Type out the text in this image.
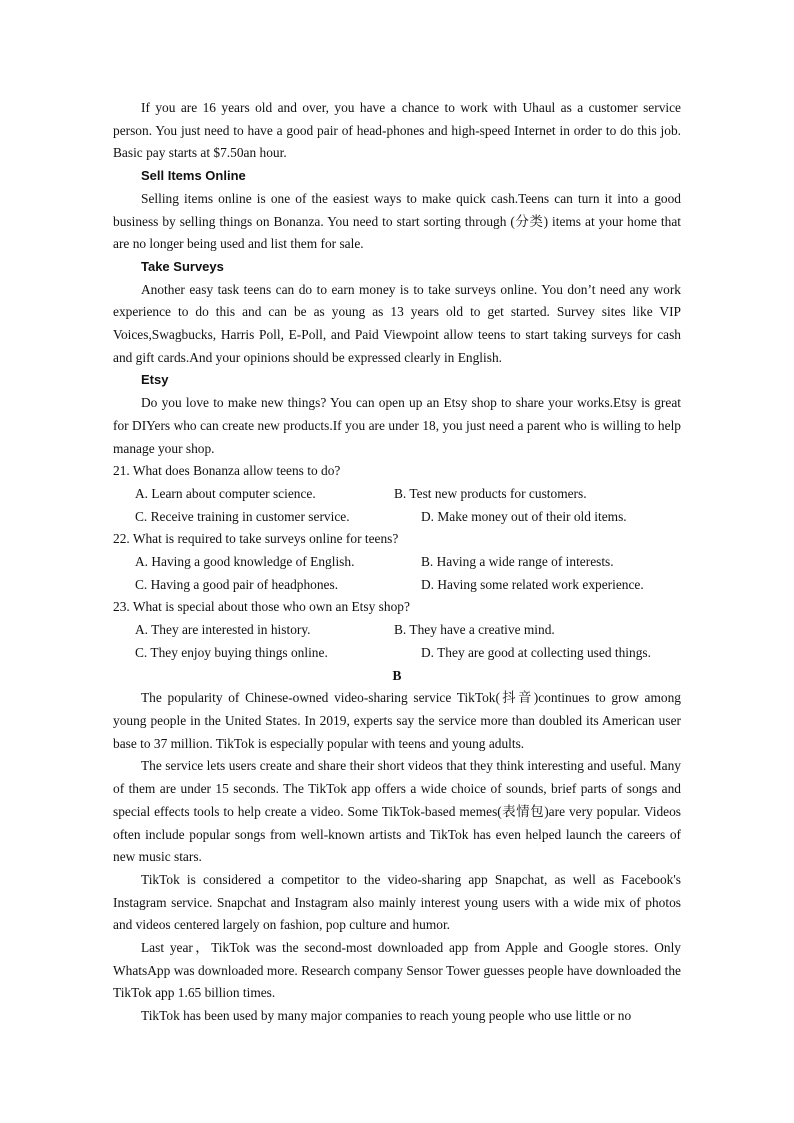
If you are 16 years old and over, you have a chance to work with Uhaul as a customer service person. You just need to have a good pair of head-phones and high-speed Internet in order to do this job. Basic pay starts at $7.50an hour.

Sell Items Online

Selling items online is one of the easiest ways to make quick cash.Teens can turn it into a good business by selling things on Bonanza. You need to start sorting through (分类) items at your home that are no longer being used and list them for sale.

Take Surveys

Another easy task teens can do to earn money is to take surveys online. You don’t need any work experience to do this and can be as young as 13 years old to get started. Survey sites like VIP Voices,Swagbucks, Harris Poll, E-Poll, and Paid Viewpoint allow teens to start taking surveys for cash and gift cards.And your opinions should be expressed clearly in English.

Etsy

Do you love to make new things? You can open up an Etsy shop to share your works.Etsy is great for DIYers who can create new products.If you are under 18, you just need a parent who is willing to help manage your shop.

21. What does Bonanza allow teens to do?

A. Learn about computer science.	B. Test new products for customers.
C. Receive training in customer service.	D. Make money out of their old items.

22. What is required to take surveys online for teens?

A. Having a good knowledge of English.	B. Having a wide range of interests.
C. Having a good pair of headphones.	D. Having some related work experience.

23. What is special about those who own an Etsy shop?

A. They are interested in history.	B. They have a creative mind.
C. They enjoy buying things online.	D. They are good at collecting used things.

B

The popularity of Chinese-owned video-sharing service TikTok(抖音)continues to grow among young people in the United States. In 2019, experts say the service more than doubled its American user base to 37 million. TikTok is especially popular with teens and young adults.

The service lets users create and share their short videos that they think interesting and useful. Many of them are under 15 seconds. The TikTok app offers a wide choice of sounds, brief parts of songs and special effects tools to help create a video. Some TikTok-based memes(表情包)are very popular. Videos often include popular songs from well-known artists and TikTok has even helped launch the careers of new music stars.

TikTok is considered a competitor to the video-sharing app Snapchat, as well as Facebook's Instagram service. Snapchat and Instagram also mainly interest young users with a wide mix of photos and videos centered largely on fashion, pop culture and humor.

Last year，TikTok was the second-most downloaded app from Apple and Google stores. Only WhatsApp was downloaded more. Research company Sensor Tower guesses people have downloaded the TikTok app 1.65 billion times.

TikTok has been used by many major companies to reach young people who use little or no
